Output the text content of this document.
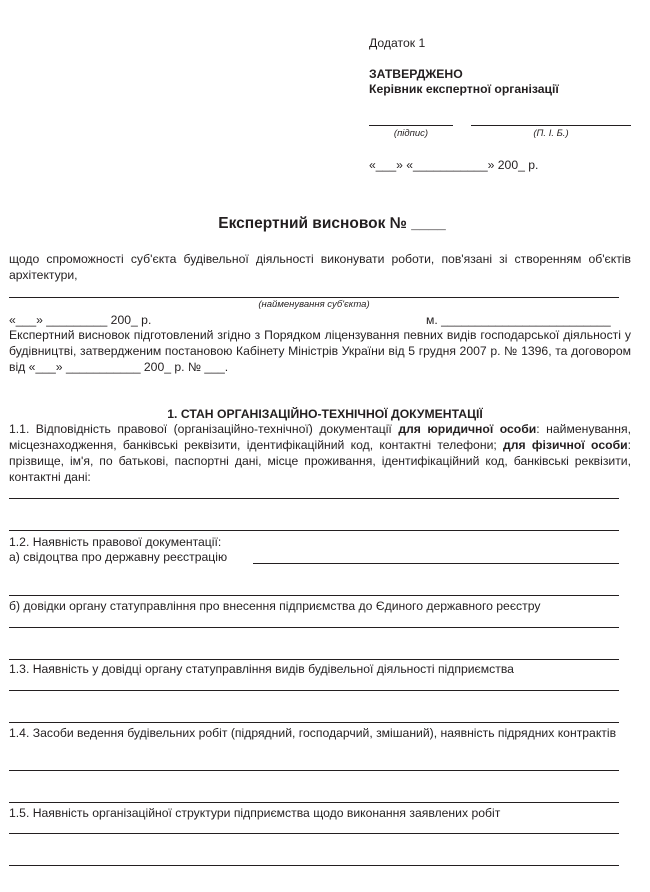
Додаток 1
ЗАТВЕРДЖЕНО
Керівник експертної організації
(підпис)	(П. І. Б.)
«___» «___________» 200_ р.
Експертний висновок № ____
щодо спроможності суб'єкта будівельної діяльності виконувати роботи, пов'язані зі створенням об'єктів архітектури,
(найменування суб'єкта)
«___» _________ 200_ р.	м. _________________________
Експертний висновок підготовлений згідно з Порядком ліцензування певних видів господарської діяльності у будівництві, затвердженим постановою Кабінету Міністрів України від 5 грудня 2007 р. № 1396, та договором від «___» ___________ 200_ р. № ___.
1. СТАН ОРГАНІЗАЦІЙНО-ТЕХНІЧНОЇ ДОКУМЕНТАЦІЇ
1.1. Відповідність правової (організаційно-технічної) документації для юридичної особи: найменування, місцезнаходження, банківські реквізити, ідентифікаційний код, контактні телефони; для фізичної особи: прізвище, ім'я, по батькові, паспортні дані, місце проживання, ідентифікаційний код, банківські реквізити, контактні дані:
1.2. Наявність правової документації:
а) свідоцтва про державну реєстрацію
б) довідки органу статуправління про внесення підприємства до Єдиного державного реєстру
1.3. Наявність у довідці органу статуправління видів будівельної діяльності підприємства
1.4. Засоби ведення будівельних робіт (підрядний, господарчий, змішаний), наявність підрядних контрактів
1.5. Наявність організаційної структури підприємства щодо виконання заявлених робіт
